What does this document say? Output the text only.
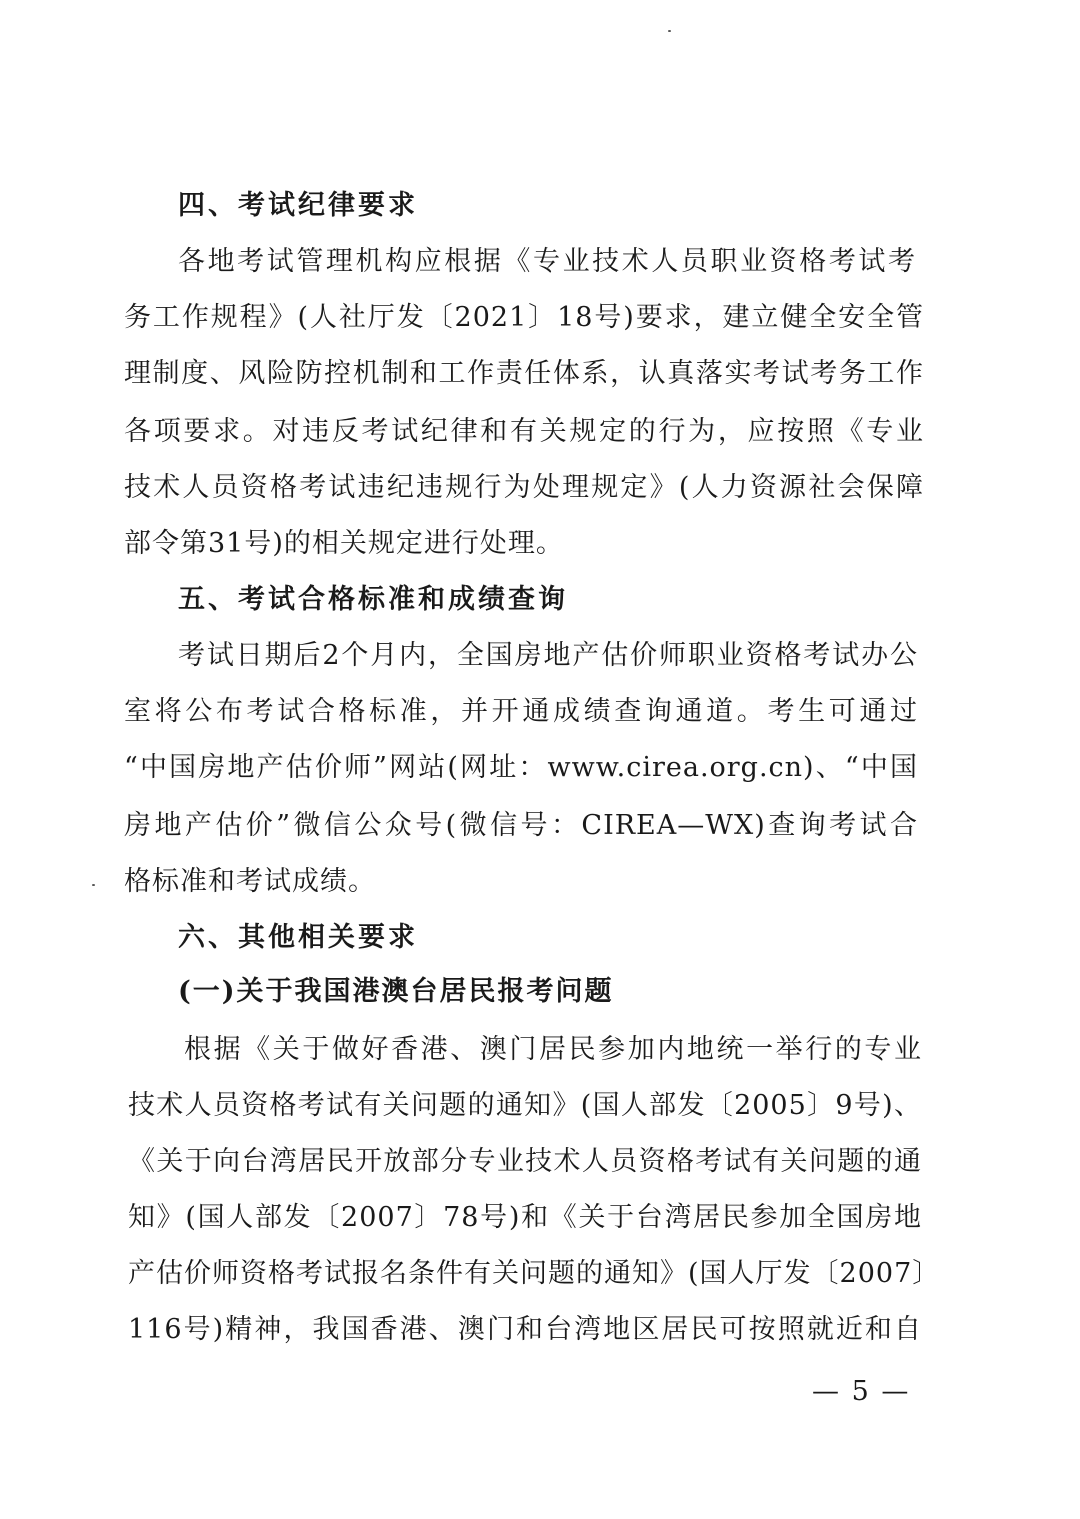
四、考试纪律要求
各地考试管理机构应根据《专业技术人员职业资格考试考
务工作规程》(人社厅发〔2021〕18号)要求，建立健全安全管
理制度、风险防控机制和工作责任体系，认真落实考试考务工作
各项要求。对违反考试纪律和有关规定的行为，应按照《专业
技术人员资格考试违纪违规行为处理规定》(人力资源社会保障
部令第31号)的相关规定进行处理。
五、考试合格标准和成绩查询
考试日期后2个月内，全国房地产估价师职业资格考试办公
室将公布考试合格标准，并开通成绩查询通道。考生可通过
“中国房地产估价师”网站(网址：www.cirea.org.cn)、“中国
房地产估价”微信公众号(微信号：CIREA—WX)查询考试合
格标准和考试成绩。
六、其他相关要求
(一)关于我国港澳台居民报考问题
根据《关于做好香港、澳门居民参加内地统一举行的专业
技术人员资格考试有关问题的通知》(国人部发〔2005〕9号)、
《关于向台湾居民开放部分专业技术人员资格考试有关问题的通
知》(国人部发〔2007〕78号)和《关于台湾居民参加全国房地
产估价师资格考试报名条件有关问题的通知》(国人厅发〔2007〕
116号)精神，我国香港、澳门和台湾地区居民可按照就近和自
— 5 —
